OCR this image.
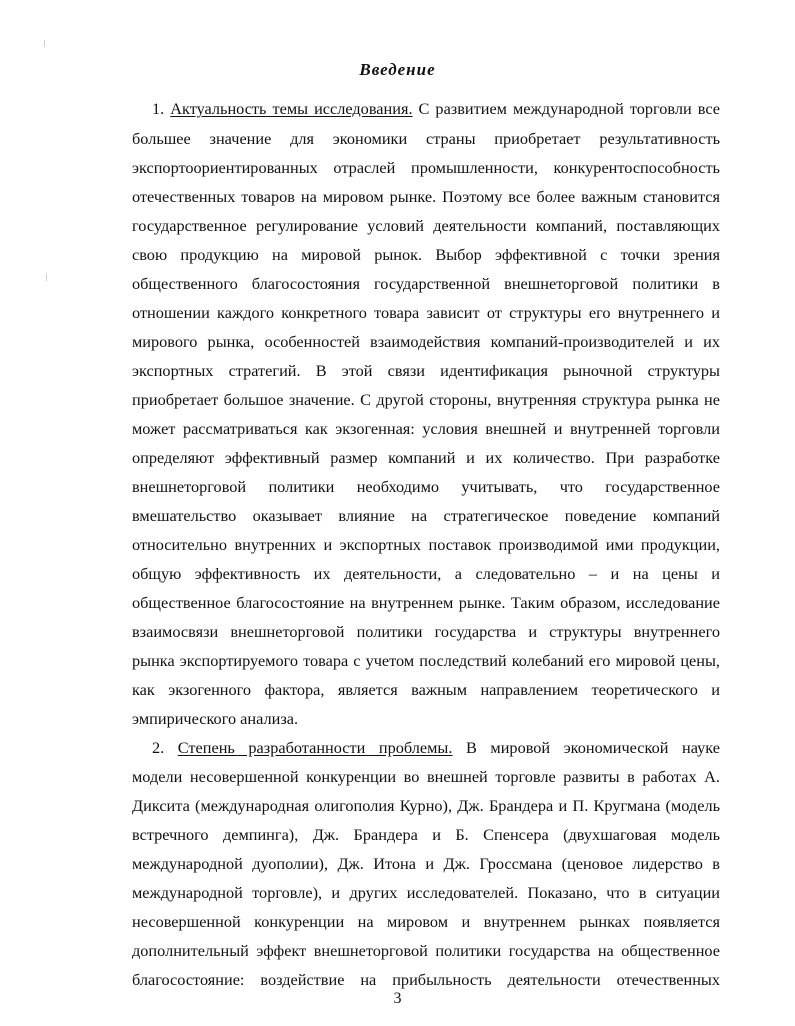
Введение
1. Актуальность темы исследования. С развитием международной торговли все
большее значение для экономики страны приобретает результативность
экспортоориентированных отраслей промышленности, конкурентоспособность
отечественных товаров на мировом рынке. Поэтому все более важным становится
государственное регулирование условий деятельности компаний, поставляющих
свою продукцию на мировой рынок. Выбор эффективной с точки зрения
общественного благосостояния государственной внешнеторговой политики в
отношении каждого конкретного товара зависит от структуры его внутреннего и
мирового рынка, особенностей взаимодействия компаний-производителей и их
экспортных стратегий. В этой связи идентификация рыночной структуры
приобретает большое значение. С другой стороны, внутренняя структура рынка не
может рассматриваться как экзогенная: условия внешней и внутренней торговли
определяют эффективный размер компаний и их количество. При разработке
внешнеторговой политики необходимо учитывать, что государственное
вмешательство оказывает влияние на стратегическое поведение компаний
относительно внутренних и экспортных поставок производимой ими продукции,
общую эффективность их деятельности, а следовательно – и на цены и
общественное благосостояние на внутреннем рынке. Таким образом, исследование
взаимосвязи внешнеторговой политики государства и структуры внутреннего
рынка экспортируемого товара с учетом последствий колебаний его мировой цены,
как экзогенного фактора, является важным направлением теоретического и
эмпирического анализа.
2. Степень разработанности проблемы. В мировой экономической науке
модели несовершенной конкуренции во внешней торговле развиты в работах А.
Диксита (международная олигополия Курно), Дж. Брандера и П. Кругмана (модель
встречного демпинга), Дж. Брандера и Б. Спенсера (двухшаговая модель
международной дуополии), Дж. Итона и Дж. Гроссмана (ценовое лидерство в
международной торговле), и других исследователей. Показано, что в ситуации
несовершенной конкуренции на мировом и внутреннем рынках появляется
дополнительный эффект внешнеторговой политики государства на общественное
благосостояние: воздействие на прибыльность деятельности отечественных
3
